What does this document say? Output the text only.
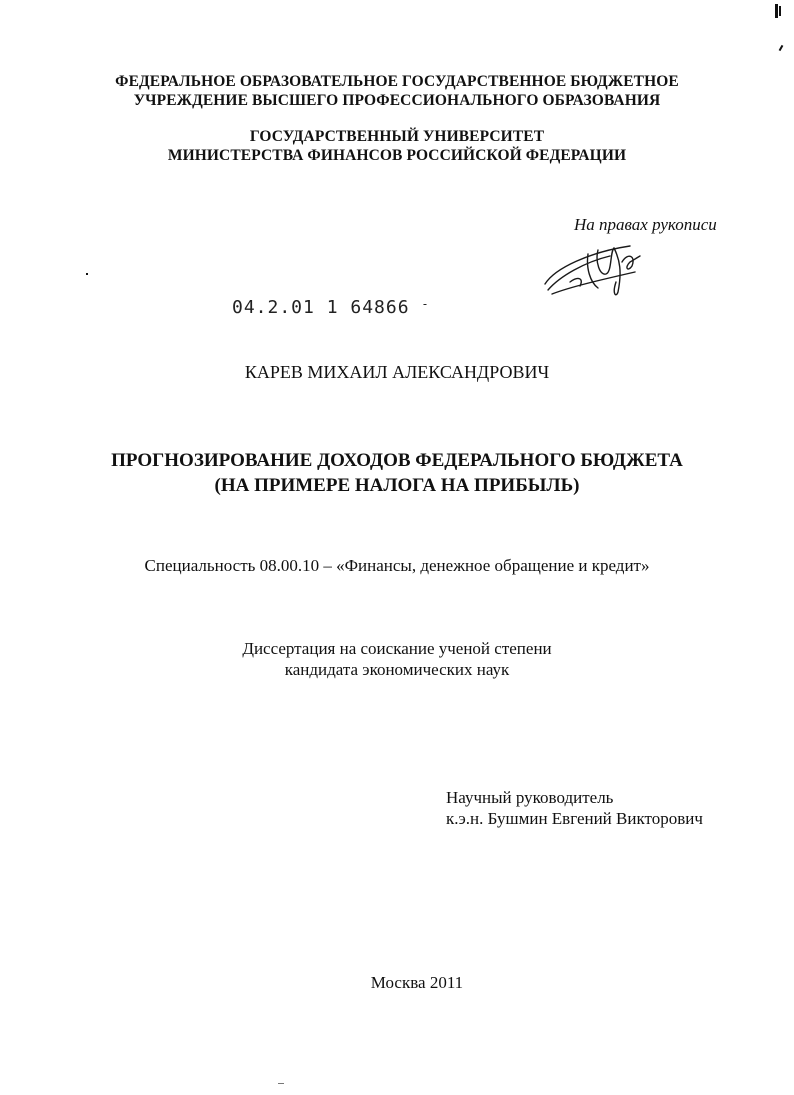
ФЕДЕРАЛЬНОЕ ОБРАЗОВАТЕЛЬНОЕ ГОСУДАРСТВЕННОЕ БЮДЖЕТНОЕ
УЧРЕЖДЕНИЕ ВЫСШЕГО ПРОФЕССИОНАЛЬНОГО ОБРАЗОВАНИЯ
ГОСУДАРСТВЕННЫЙ УНИВЕРСИТЕТ
МИНИСТЕРСТВА ФИНАНСОВ РОССИЙСКОЙ ФЕДЕРАЦИИ
На правах рукописи
04.2.01 1 64866 -
КАРЕВ МИХАИЛ АЛЕКСАНДРОВИЧ
ПРОГНОЗИРОВАНИЕ ДОХОДОВ ФЕДЕРАЛЬНОГО БЮДЖЕТА
(НА ПРИМЕРЕ НАЛОГА НА ПРИБЫЛЬ)
Специальность 08.00.10 – «Финансы, денежное обращение и кредит»
Диссертация на соискание ученой степени
кандидата экономических наук
Научный руководитель
к.э.н. Бушмин Евгений Викторович
Москва 2011
